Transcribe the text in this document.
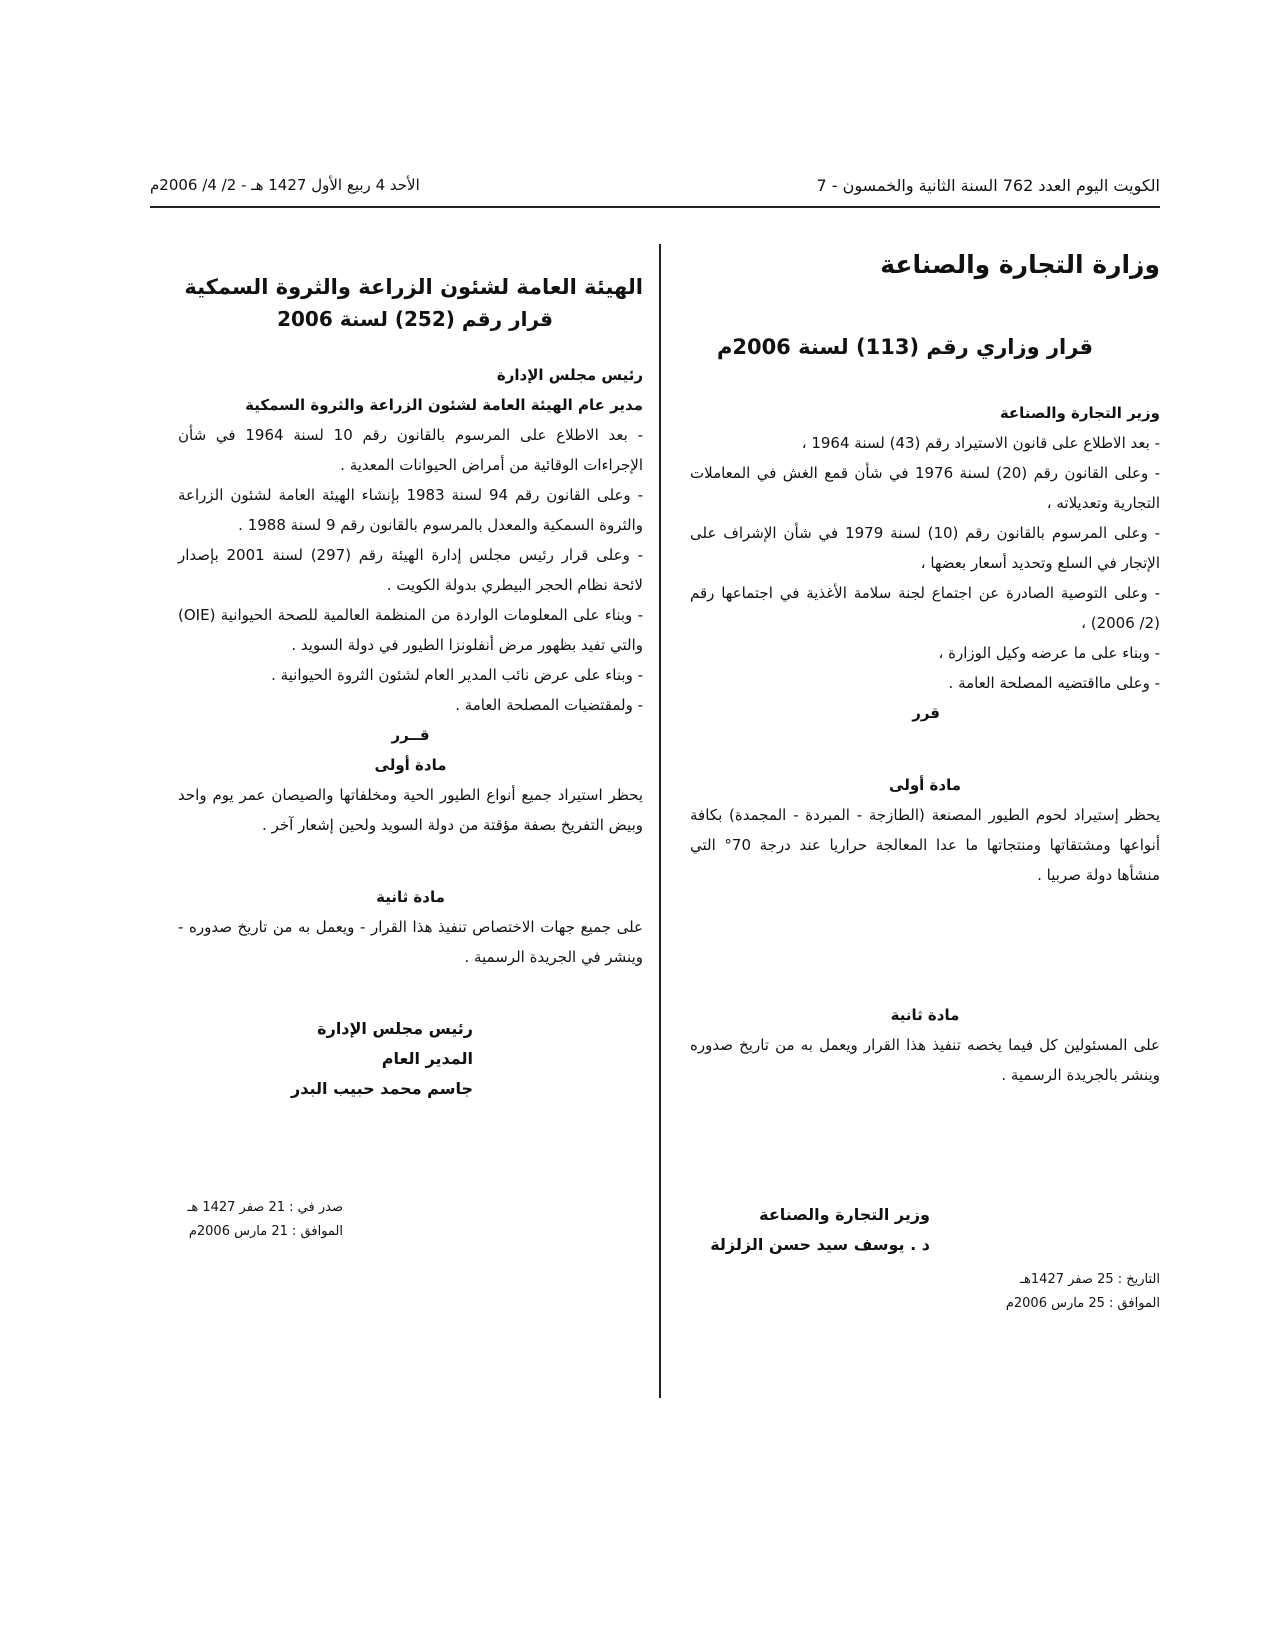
الكويت اليوم العدد 762 السنة الثانية والخمسون - 7
الأحد 4 ربيع الأول 1427 هـ - 2/ 4/ 2006م
وزارة التجارة والصناعة
قرار وزاري رقم (113) لسنة 2006م
وزير التجارة والصناعة

- بعد الاطلاع على قانون الاستيراد رقم (43) لسنة 1964 ،

- وعلى القانون رقم (20) لسنة 1976 في شأن قمع الغش في المعاملات التجارية وتعديلاته ،

- وعلى المرسوم بالقانون رقم (10) لسنة 1979 في شأن الإشراف على الإتجار في السلع وتحديد أسعار بعضها ،

- وعلى التوصية الصادرة عن اجتماع لجنة سلامة الأغذية في اجتماعها رقم (2/ 2006) ،

- وبناء على ما عرضه وكيل الوزارة ،

- وعلى مااقتضيه المصلحة العامة .

قرر
مادة أولى

يحظر إستيراد لحوم الطيور المصنعة (الطازجة - المبردة - المجمدة) بكافة أنواعها ومشتقاتها ومنتجاتها ما عدا المعالجة حراريا عند درجة 70° التي منشأها دولة صربيا .

مادة ثانية

على المسئولين كل فيما يخصه تنفيذ هذا القرار ويعمل به من تاريخ صدوره وينشر بالجريدة الرسمية .

وزير التجارة والصناعة
د . يوسف سيد حسن الزلزلة
التاريخ : 25 صفر 1427هـ
الموافق : 25 مارس 2006م
الهيئة العامة لشئون الزراعة والثروة السمكية
قرار رقم (252) لسنة 2006
رئيس مجلس الإدارة
مدير عام الهيئة العامة لشئون الزراعة والثروة السمكية

- بعد الاطلاع على المرسوم بالقانون رقم 10 لسنة 1964 في شأن الإجراءات الوقائية من أمراض الحيوانات المعدية .

- وعلى القانون رقم 94 لسنة 1983 بإنشاء الهيئة العامة لشئون الزراعة والثروة السمكية والمعدل بالمرسوم بالقانون رقم 9 لسنة 1988 .

- وعلى قرار رئيس مجلس إدارة الهيئة رقم (297) لسنة 2001 بإصدار لائحة نظام الحجر البيطري بدولة الكويت .

- وبناء على المعلومات الواردة من المنظمة العالمية للصحة الحيوانية (OIE) والتي تفيد بظهور مرض أنفلونزا الطيور في دولة السويد .

- وبناء على عرض نائب المدير العام لشئون الثروة الحيوانية .

- ولمقتضيات المصلحة العامة .

قــرر
مادة أولى

يحظر استيراد جميع أنواع الطيور الحية ومخلفاتها والصيصان عمر يوم واحد وبيض التفريخ بصفة مؤقتة من دولة السويد ولحين إشعار آخر .

مادة ثانية

على جميع جهات الاختصاص تنفيذ هذا القرار - ويعمل به من تاريخ صدوره - وينشر في الجريدة الرسمية .

رئيس مجلس الإدارة
المدير العام
جاسم محمد حبيب البدر
صدر في : 21 صفر 1427 هـ
الموافق : 21 مارس 2006م
